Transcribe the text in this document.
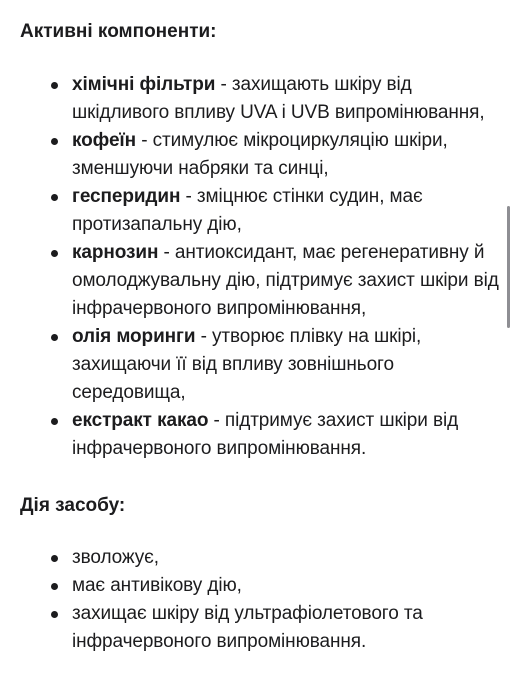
Активні компоненти:
хімічні фільтри - захищають шкіру від шкідливого впливу UVA і UVB випромінювання,
кофеїн - стимулює мікроциркуляцію шкіри, зменшуючи набряки та синці,
гесперидин - зміцнює стінки судин, має протизапальну дію,
карнозин - антиоксидант, має регенеративну й омолоджувальну дію, підтримує захист шкіри від інфрачервоного випромінювання,
олія моринги - утворює плівку на шкірі, захищаючи її від впливу зовнішнього середовища,
екстракт какао - підтримує захист шкіри від інфрачервоного випромінювання.
Дія засобу:
зволожує,
має антивікову дію,
захищає шкіру від ультрафіолетового та інфрачервоного випромінювання.
